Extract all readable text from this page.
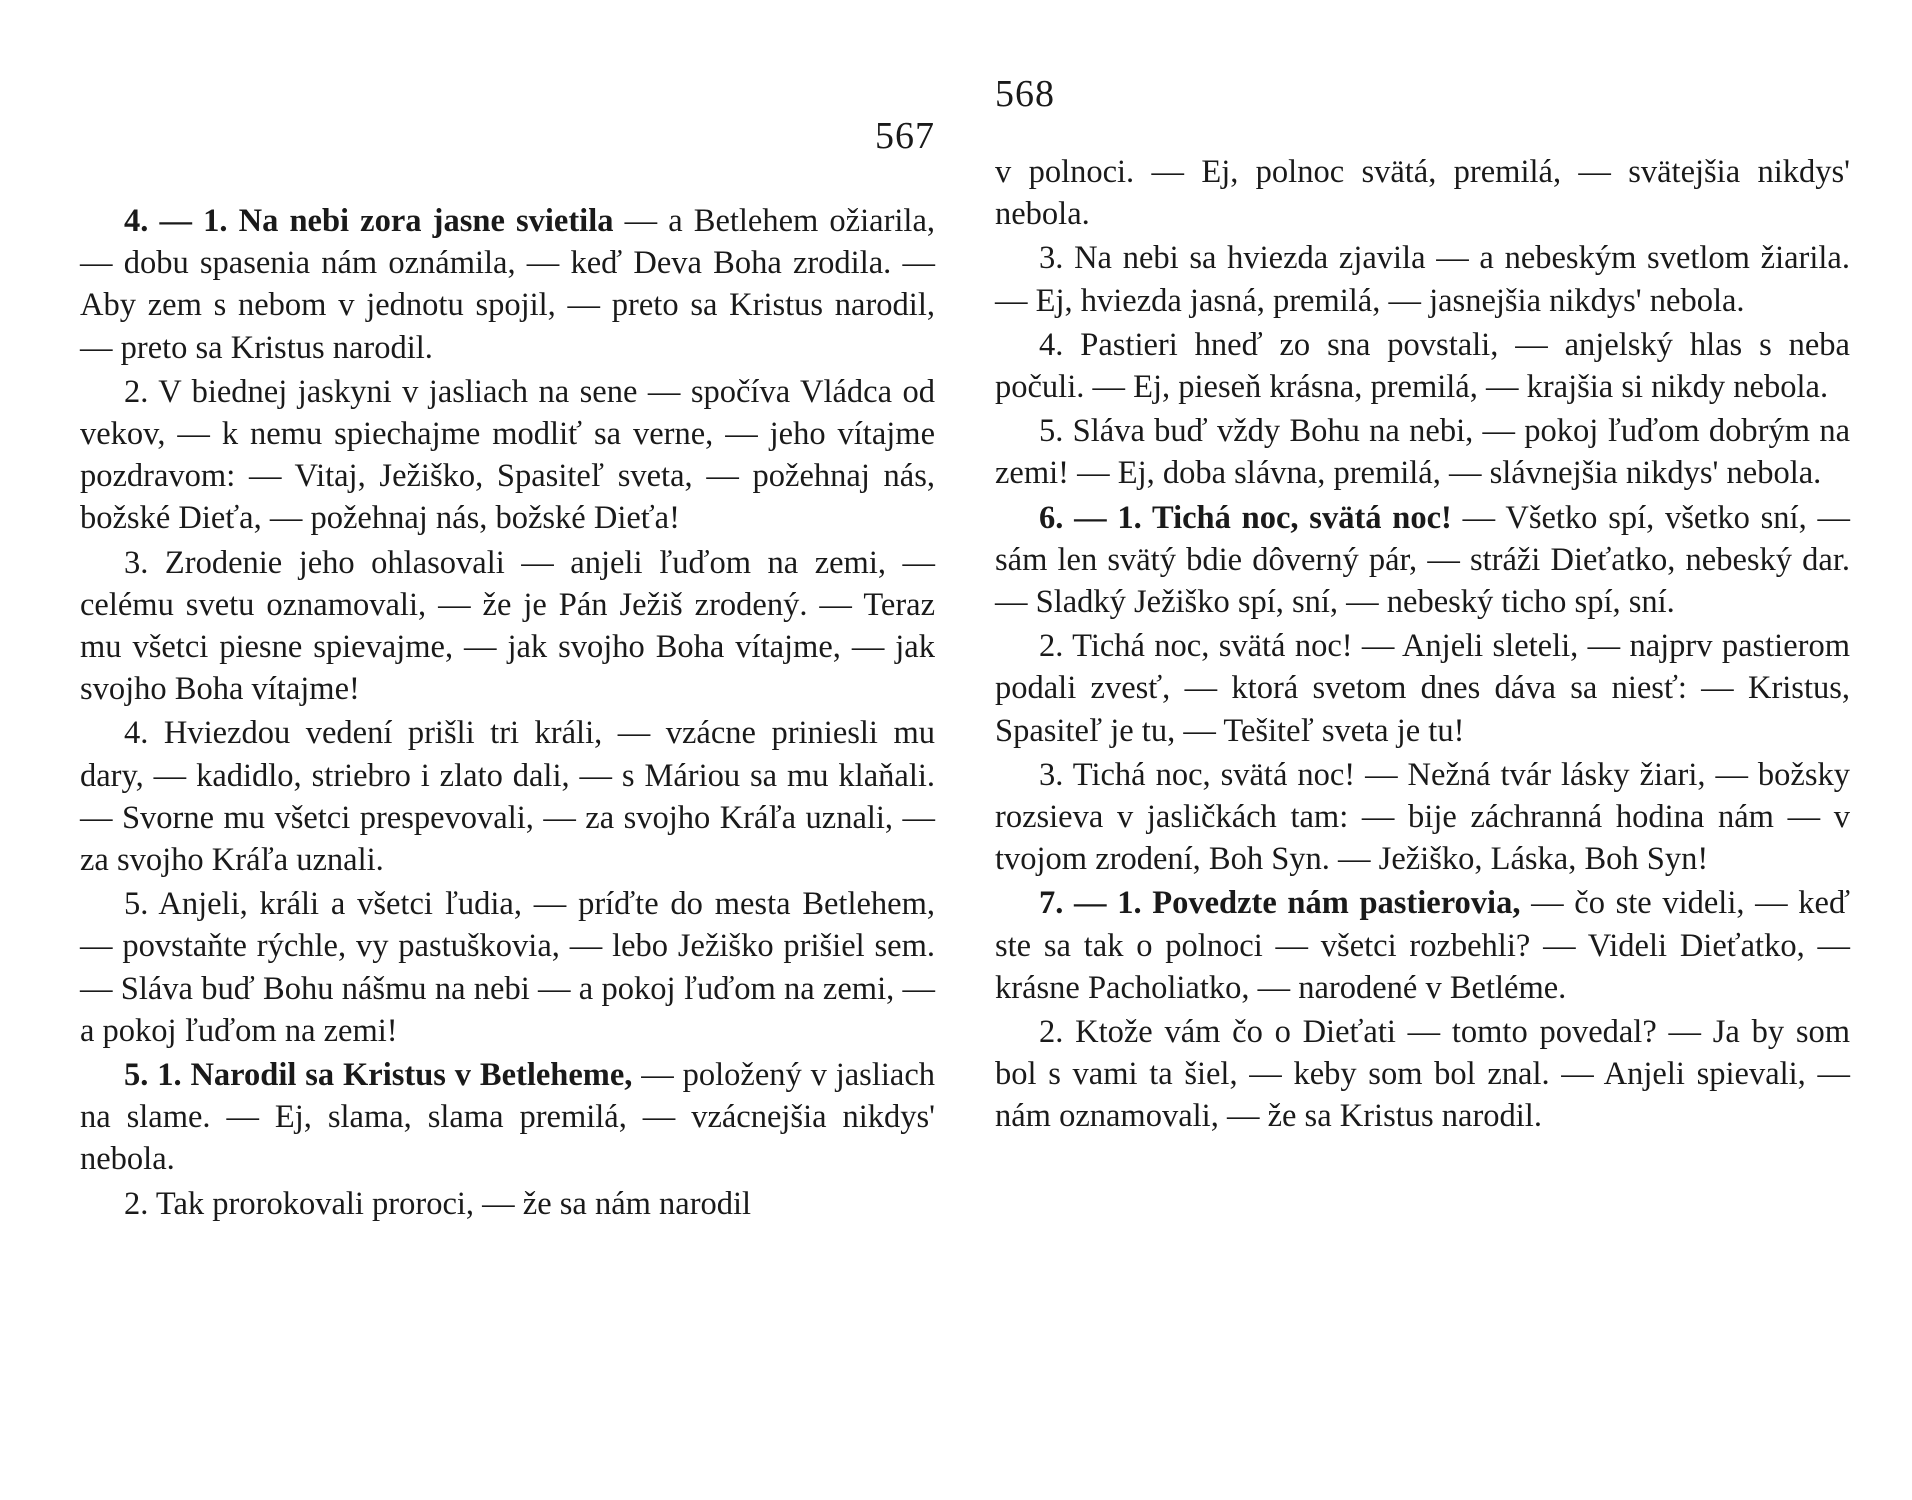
567

4. — 1. Na nebi zora jasne svietila — a Betlehem ožiarila, — dobu spasenia nám oznámila, — keď Deva Boha zrodila. — Aby zem s nebom v jednotu spojil, — preto sa Kristus narodil, — preto sa Kristus narodil.

2. V biednej jaskyni v jasliach na sene — spočíva Vládca od vekov, — k nemu spiechajme modliť sa verne, — jeho vítajme pozdravom: — Vitaj, Ježiško, Spasiteľ sveta, — požehnaj nás, božské Dieťa, — požehnaj nás, božské Dieťa!

3. Zrodenie jeho ohlasovali — anjeli ľuďom na zemi, — celému svetu oznamovali, — že je Pán Ježiš zrodený. — Teraz mu všetci piesne spievajme, — jak svojho Boha vítajme, — jak svojho Boha vítajme!

4. Hviezdou vedení prišli tri králi, — vzácne priniesli mu dary, — kadidlo, striebro i zlato dali, — s Máriou sa mu klaňali. — Svorne mu všetci prespevovali, — za svojho Kráľa uznali, — za svojho Kráľa uznali.

5. Anjeli, králi a všetci ľudia, — príďte do mesta Betlehem, — povstaňte rýchle, vy pastuškovia, — lebo Ježiško prišiel sem. — Sláva buď Bohu nášmu na nebi — a pokoj ľuďom na zemi, — a pokoj ľuďom na zemi!

5. 1. Narodil sa Kristus v Betleheme, — položený v jasliach na slame. — Ej, slama, slama premilá, — vzácnejšia nikdys' nebola.

2. Tak prorokovali proroci, — že sa nám narodil

568

v polnoci. — Ej, polnoc svätá, premilá, — svätejšia nikdys' nebola.

3. Na nebi sa hviezda zjavila — a nebeským svetlom žiarila. — Ej, hviezda jasná, premilá, — jasnejšia nikdys' nebola.

4. Pastieri hneď zo sna povstali, — anjelský hlas s neba počuli. — Ej, pieseň krásna, premilá, — krajšia si nikdy nebola.

5. Sláva buď vždy Bohu na nebi, — pokoj ľuďom dobrým na zemi! — Ej, doba slávna, premilá, — slávnejšia nikdys' nebola.

6. — 1. Tichá noc, svätá noc! — Všetko spí, všetko sní, — sám len svätý bdie dôverný pár, — stráži Dieťatko, nebeský dar. — Sladký Ježiško spí, sní, — nebeský ticho spí, sní.

2. Tichá noc, svätá noc! — Anjeli sleteli, — najprv pastierom podali zvesť, — ktorá svetom dnes dáva sa niesť: — Kristus, Spasiteľ je tu, — Tešiteľ sveta je tu!

3. Tichá noc, svätá noc! — Nežná tvár lásky žiari, — božsky rozsieva v jasličkách tam: — bije záchranná hodina nám — v tvojom zrodení, Boh Syn. — Ježiško, Láska, Boh Syn!

7. — 1. Povedzte nám pastierovia, — čo ste videli, — keď ste sa tak o polnoci — všetci rozbehli? — Videli Dieťatko, — krásne Pacholiatko, — narodené v Betléme.

2. Ktože vám čo o Dieťati — tomto povedal? — Ja by som bol s vami ta šiel, — keby som bol znal. — Anjeli spievali, — nám oznamovali, — že sa Kristus narodil.
